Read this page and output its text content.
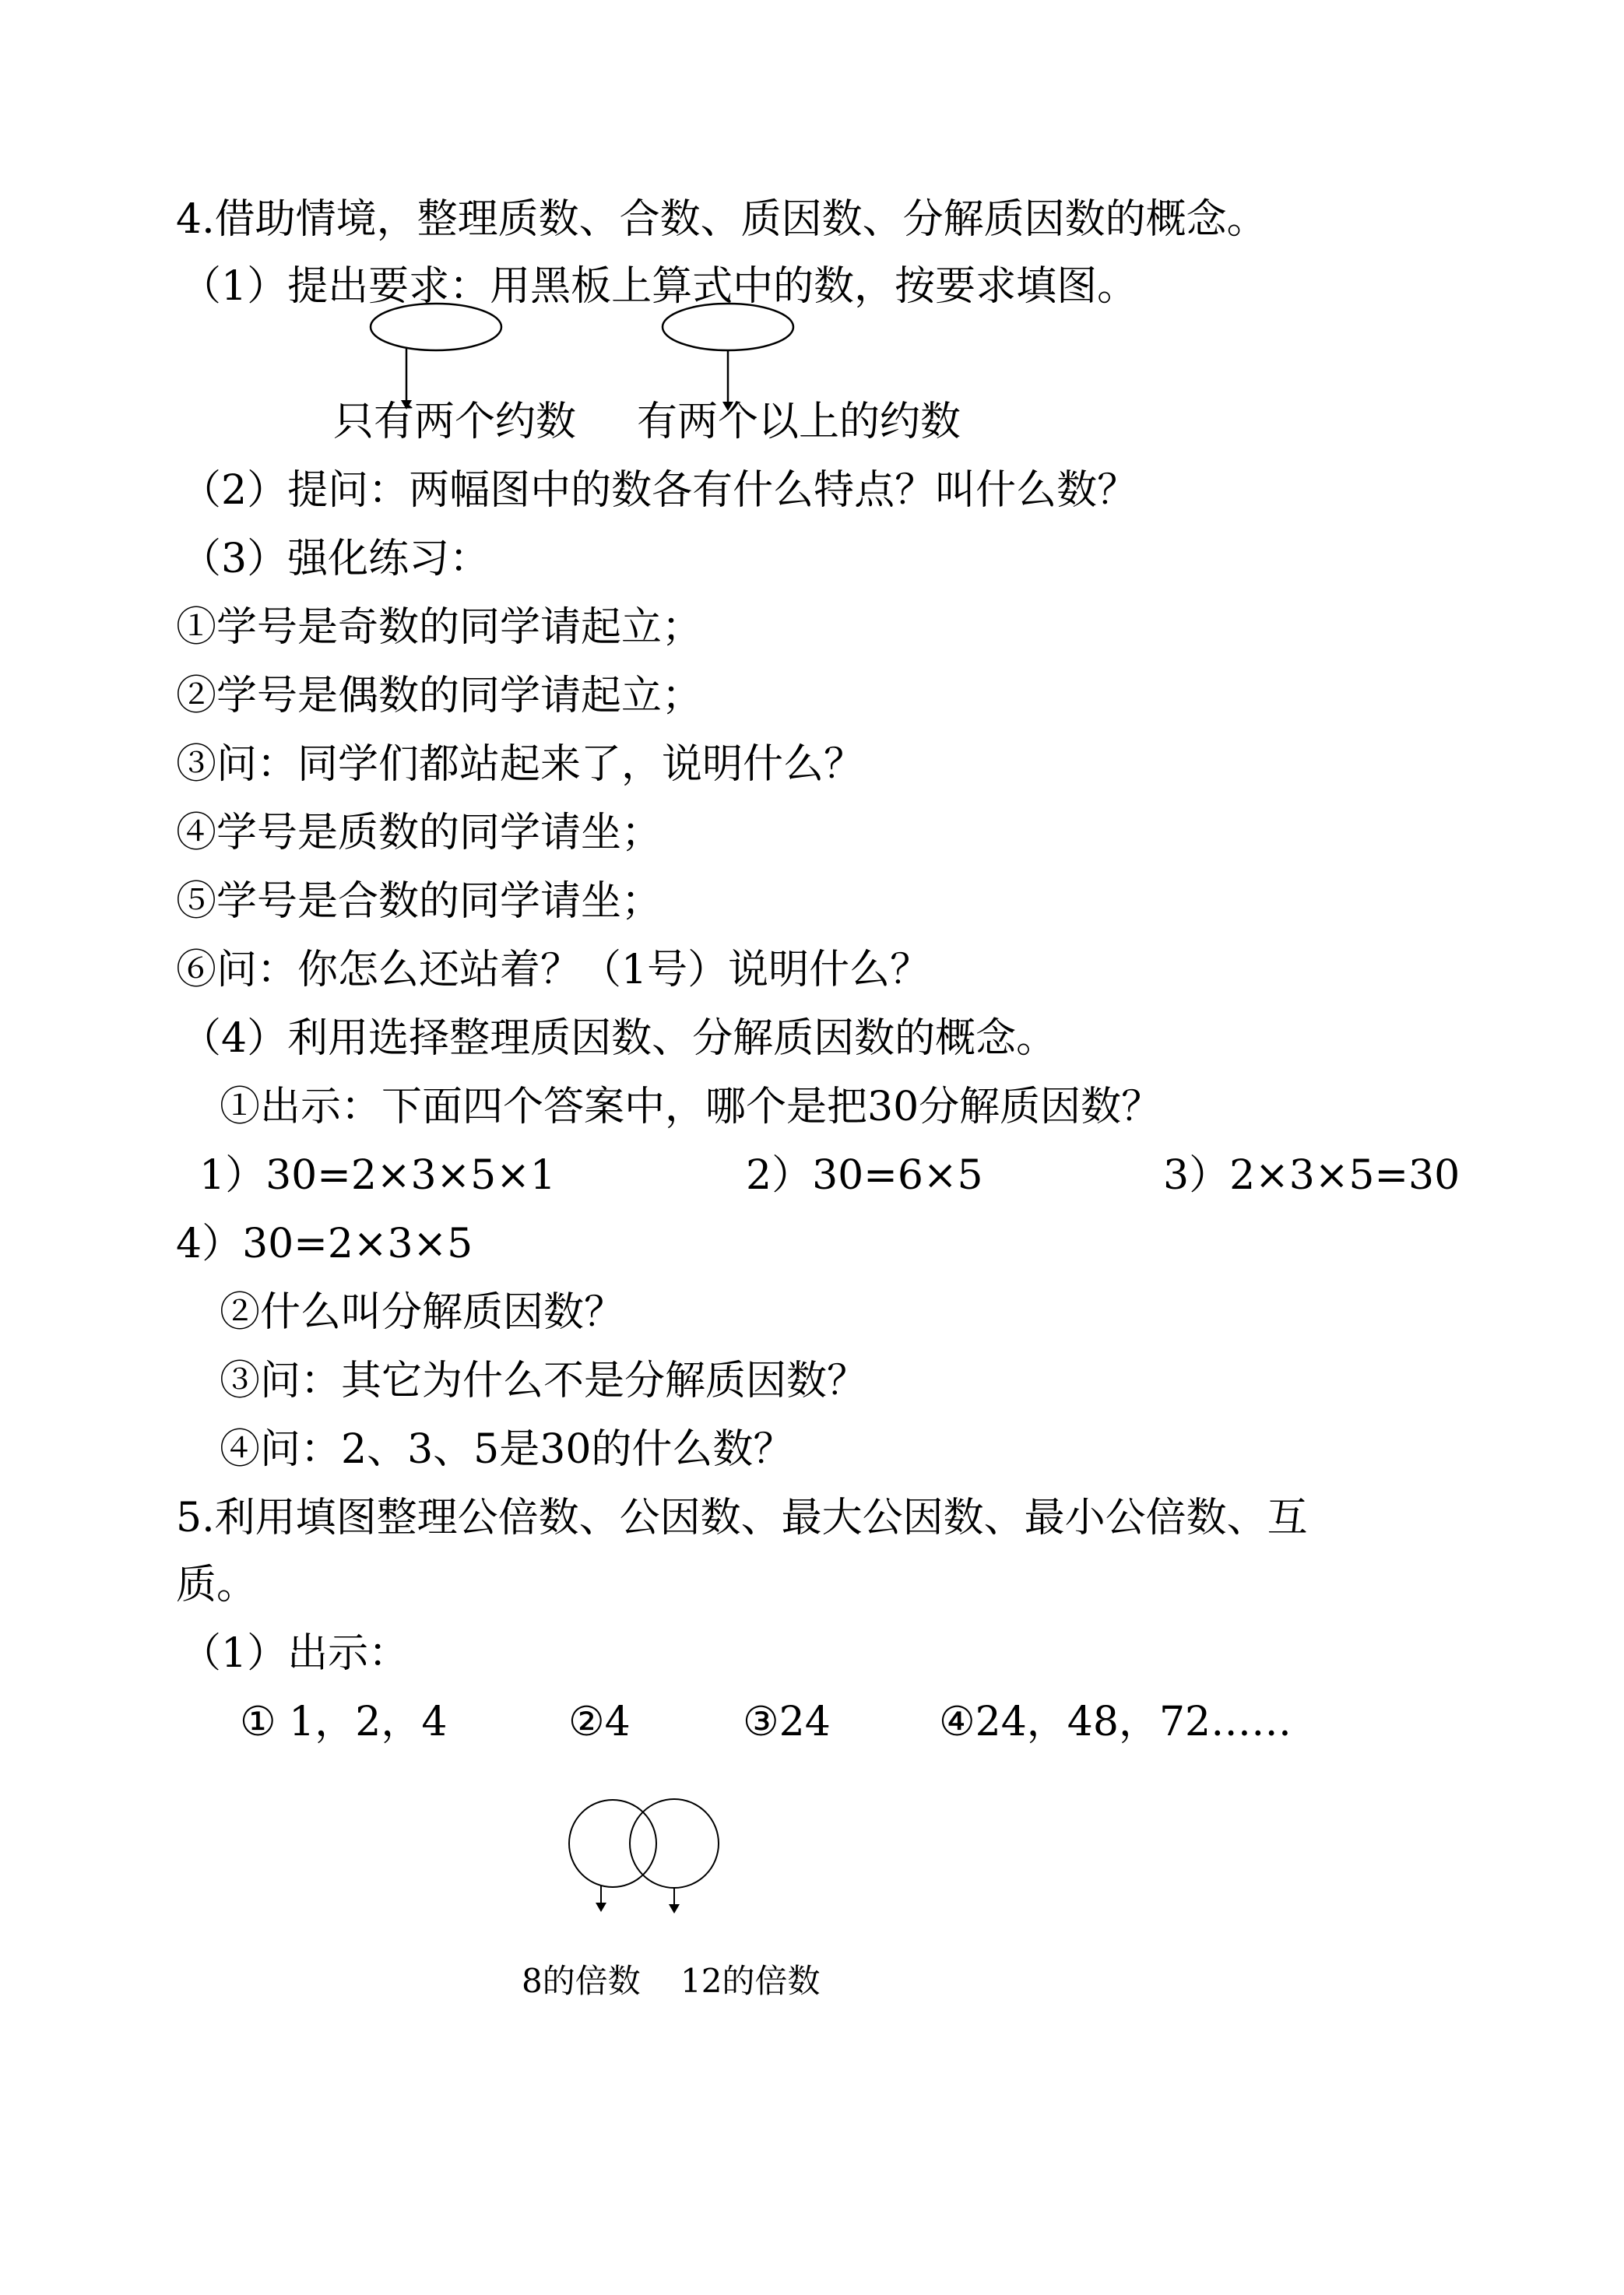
4.借助情境，整理质数、合数、质因数、分解质因数的概念。

（1）提出要求：用黑板上算式中的数，按要求填图。

只有两个约数 有两个以上的约数

（2）提问：两幅图中的数各有什么特点？叫什么数？

（3）强化练习：

①学号是奇数的同学请起立；

②学号是偶数的同学请起立；

③问：同学们都站起来了，说明什么？

④学号是质数的同学请坐；

⑤学号是合数的同学请坐；

⑥问：你怎么还站着？（1号）说明什么？

（4）利用选择整理质因数、分解质因数的概念。

①出示：下面四个答案中，哪个是把30分解质因数？

1）30=2×3×5×1	2）30=6×5	3）2×3×5=30

4）30=2×3×5

②什么叫分解质因数？

③问：其它为什么不是分解质因数？

④问：2、3、5是30的什么数？

5.利用填图整理公倍数、公因数、最大公因数、最小公倍数、互

质。

（1）出示：

① 1，2，4	②4	③24	④24，48，72……

8的倍数 12的倍数
